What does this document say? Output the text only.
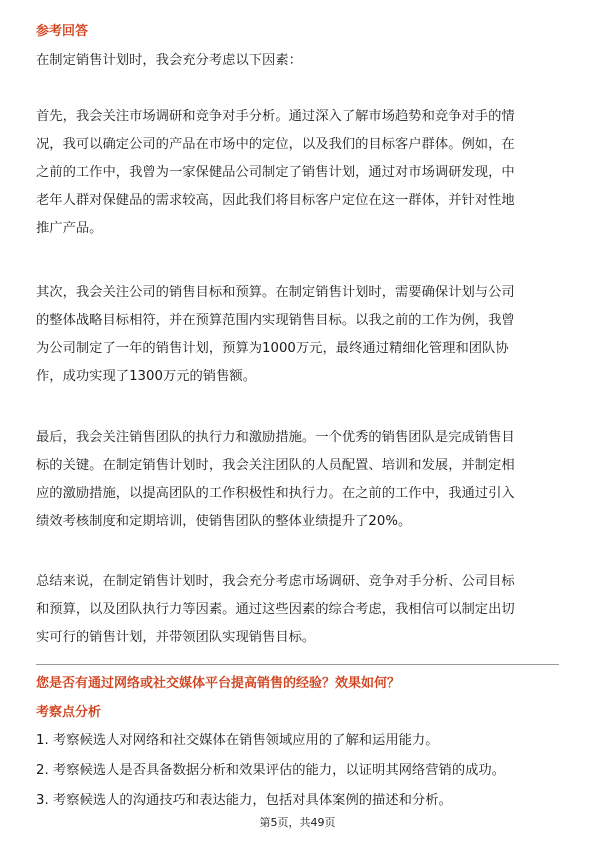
参考回答
在制定销售计划时，我会充分考虑以下因素：
首先，我会关注市场调研和竞争对手分析。通过深入了解市场趋势和竞争对手的情
况，我可以确定公司的产品在市场中的定位，以及我们的目标客户群体。例如，在
之前的工作中，我曾为一家保健品公司制定了销售计划，通过对市场调研发现，中
老年人群对保健品的需求较高，因此我们将目标客户定位在这一群体，并针对性地
推广产品。
其次，我会关注公司的销售目标和预算。在制定销售计划时，需要确保计划与公司
的整体战略目标相符，并在预算范围内实现销售目标。以我之前的工作为例，我曾
为公司制定了一年的销售计划，预算为1000万元，最终通过精细化管理和团队协
作，成功实现了1300万元的销售额。
最后，我会关注销售团队的执行力和激励措施。一个优秀的销售团队是完成销售目
标的关键。在制定销售计划时，我会关注团队的人员配置、培训和发展，并制定相
应的激励措施，以提高团队的工作积极性和执行力。在之前的工作中，我通过引入
绩效考核制度和定期培训，使销售团队的整体业绩提升了20%。
总结来说，在制定销售计划时，我会充分考虑市场调研、竞争对手分析、公司目标
和预算，以及团队执行力等因素。通过这些因素的综合考虑，我相信可以制定出切
实可行的销售计划，并带领团队实现销售目标。
您是否有通过网络或社交媒体平台提高销售的经验？效果如何？
考察点分析
1. 考察候选人对网络和社交媒体在销售领域应用的了解和运用能力。
2. 考察候选人是否具备数据分析和效果评估的能力，以证明其网络营销的成功。
3. 考察候选人的沟通技巧和表达能力，包括对具体案例的描述和分析。
第5页，共49页
